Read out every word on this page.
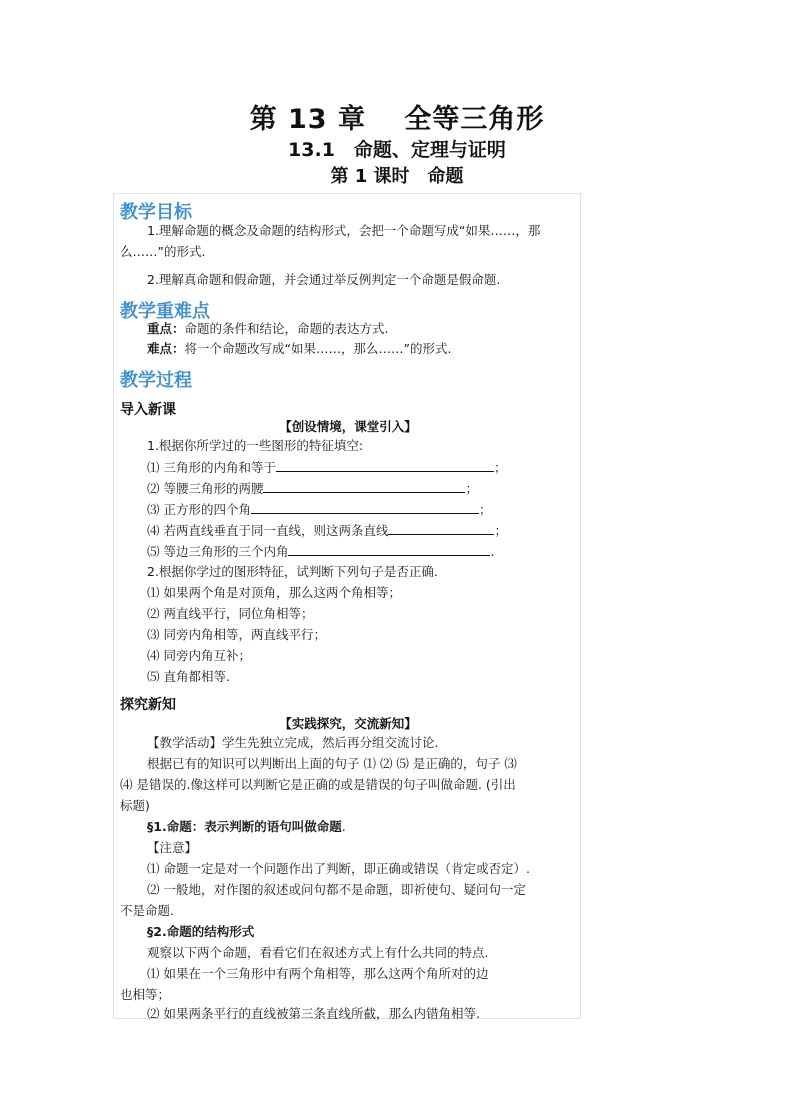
第 13 章　 全等三角形
13.1　命题、定理与证明
第 1 课时　命题
教学目标
1.理解命题的概念及命题的结构形式，会把一个命题写成“如果……，那
么……”的形式.
2.理解真命题和假命题，并会通过举反例判定一个命题是假命题.
教学重难点
重点：命题的条件和结论，命题的表达方式.
难点：将一个命题改写成“如果……，那么……”的形式.
教学过程
导入新课
【创设情境，课堂引入】
1.根据你所学过的一些图形的特征填空:
⑴ 三角形的内角和等于	；
⑵ 等腰三角形的两腰	；
⑶ 正方形的四个角	；
⑷ 若两直线垂直于同一直线，则这两条直线	；
⑸ 等边三角形的三个内角	.
2.根据你学过的图形特征，试判断下列句子是否正确.
⑴ 如果两个角是对顶角，那么这两个角相等；
⑵ 两直线平行，同位角相等；
⑶ 同旁内角相等，两直线平行；
⑷ 同旁内角互补；
⑸ 直角都相等.
探究新知
【实践探究，交流新知】
【教学活动】学生先独立完成，然后再分组交流讨论.
根据已有的知识可以判断出上面的句子 ⑴ ⑵ ⑸ 是正确的，句子 ⑶
⑷ 是错误的.像这样可以判断它是正确的或是错误的句子叫做命题. (引出
标题)
§1.命题：表示判断的语句叫做命题.
【注意】
⑴ 命题一定是对一个问题作出了判断，即正确或错误（肯定或否定）.
⑵ 一般地，对作图的叙述或问句都不是命题，即祈使句、疑问句一定
不是命题.
§2.命题的结构形式
观察以下两个命题，看看它们在叙述方式上有什么共同的特点.
⑴ 如果在一个三角形中有两个角相等，那么这两个角所对的边
也相等；
⑵ 如果两条平行的直线被第三条直线所截，那么内错角相等.
